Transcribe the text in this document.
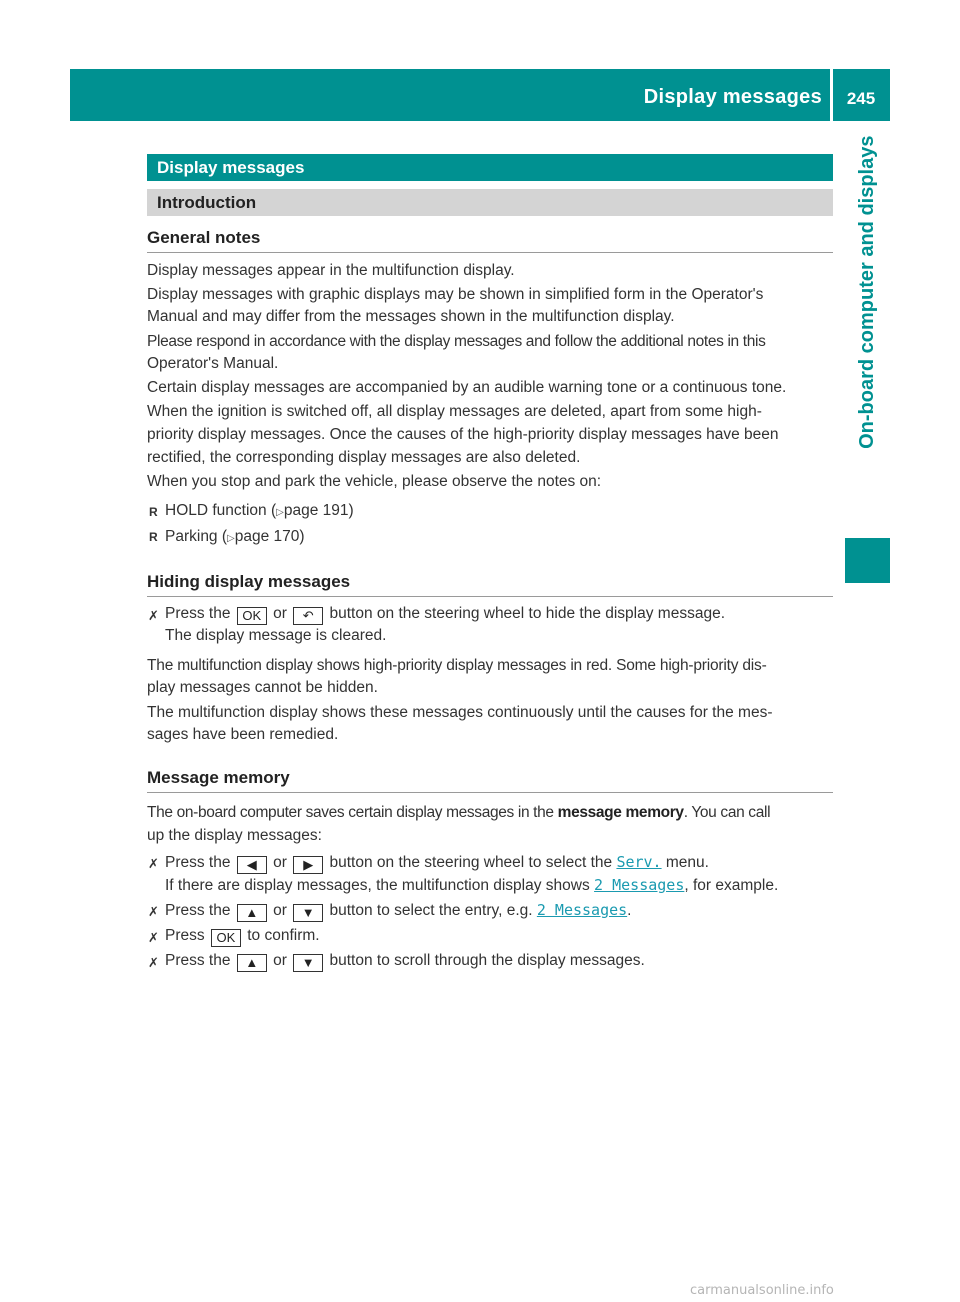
Display messages	245
On-board computer and displays
Display messages
Introduction
General notes
Display messages appear in the multifunction display.
Display messages with graphic displays may be shown in simplified form in the Operator's
Manual and may differ from the messages shown in the multifunction display.
Please respond in accordance with the display messages and follow the additional notes in this
Operator's Manual.
Certain display messages are accompanied by an audible warning tone or a continuous tone.
When the ignition is switched off, all display messages are deleted, apart from some high-
priority display messages. Once the causes of the high-priority display messages have been
rectified, the corresponding display messages are also deleted.
When you stop and park the vehicle, please observe the notes on:
R HOLD function (▷page 191)
R Parking (▷page 170)
Hiding display messages
✗ Press the OK or ↶ button on the steering wheel to hide the display message.
The display message is cleared.
The multifunction display shows high-priority display messages in red. Some high-priority dis-
play messages cannot be hidden.
The multifunction display shows these messages continuously until the causes for the mes-
sages have been remedied.
Message memory
The on-board computer saves certain display messages in the message memory. You can call
up the display messages:
✗ Press the ◀ or ▶ button on the steering wheel to select the Serv. menu.
If there are display messages, the multifunction display shows 2 Messages, for example.
✗ Press the ▲ or ▼ button to select the entry, e.g. 2 Messages.
✗ Press OK to confirm.
✗ Press the ▲ or ▼ button to scroll through the display messages.
carmanualsonline.info
